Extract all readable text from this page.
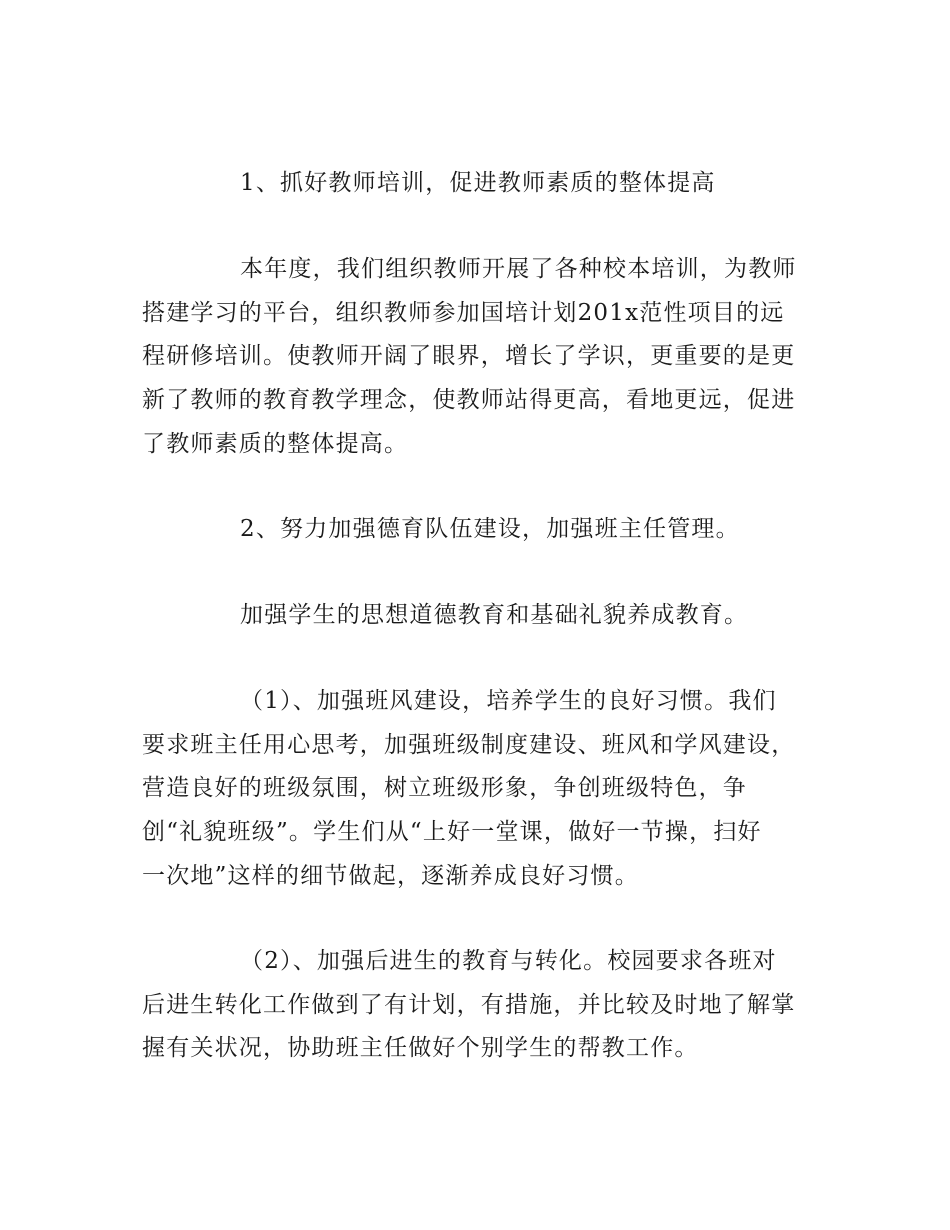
1、抓好教师培训，促进教师素质的整体提高
本年度，我们组织教师开展了各种校本培训，为教师
搭建学习的平台，组织教师参加国培计划201x范性项目的远
程研修培训。使教师开阔了眼界，增长了学识，更重要的是更
新了教师的教育教学理念，使教师站得更高，看地更远，促进
了教师素质的整体提高。
2、努力加强德育队伍建设，加强班主任管理。
加强学生的思想道德教育和基础礼貌养成教育。
（1）、加强班风建设，培养学生的良好习惯。我们
要求班主任用心思考，加强班级制度建设、班风和学风建设，
营造良好的班级氛围，树立班级形象，争创班级特色，争
创“礼貌班级”。学生们从“上好一堂课，做好一节操，扫好
一次地”这样的细节做起，逐渐养成良好习惯。
（2）、加强后进生的教育与转化。校园要求各班对
后进生转化工作做到了有计划，有措施，并比较及时地了解掌
握有关状况，协助班主任做好个别学生的帮教工作。
